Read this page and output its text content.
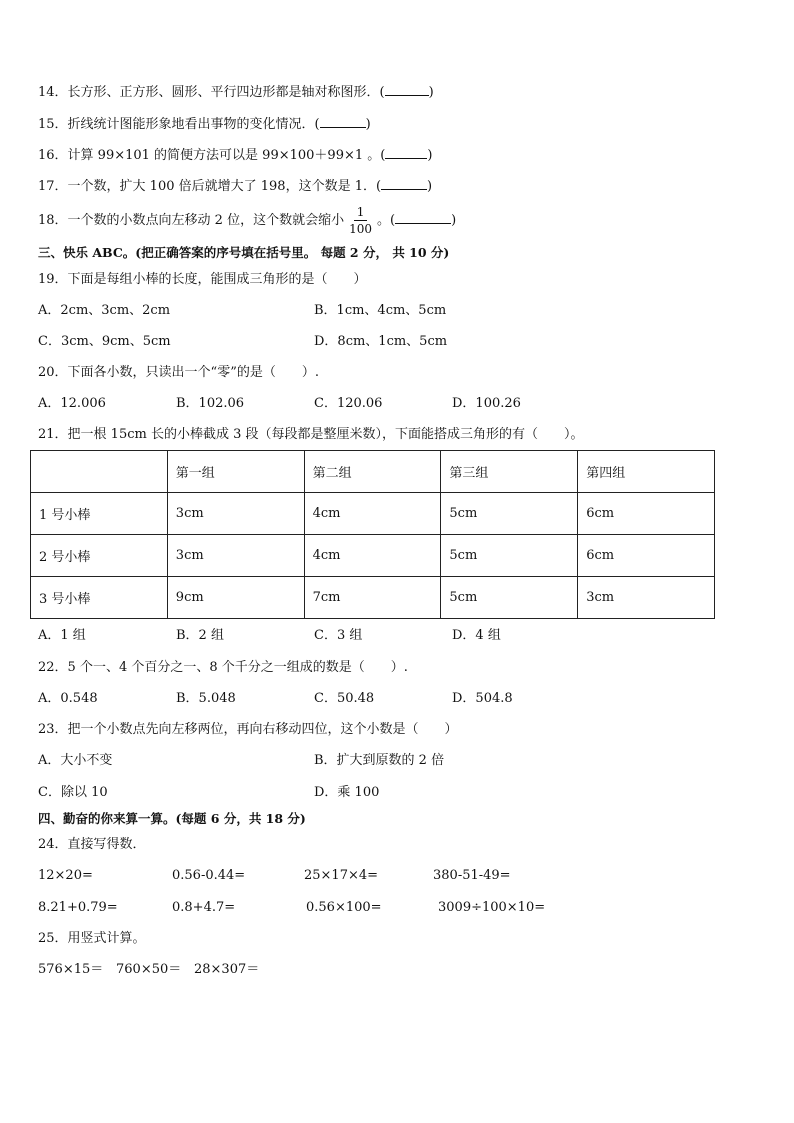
14．长方形、正方形、圆形、平行四边形都是轴对称图形．(	)
15．折线统计图能形象地看出事物的变化情况．(	)
16．计算 99×101 的简便方法可以是 99×100＋99×1 。(	)
17．一个数，扩大 100 倍后就增大了 198，这个数是 1．(	)
18．一个数的小数点向左移动 2 位，这个数就会缩小 $\frac{1}{100}$ 。(	)
三、快乐 ABC。(把正确答案的序号填在括号里。 每题 2 分， 共 10 分)
19．下面是每组小棒的长度，能围成三角形的是（　　）
A．2cm、3cm、2cm	B．1cm、4cm、5cm
C．3cm、9cm、5cm	D．8cm、1cm、5cm
20．下面各小数，只读出一个“零”的是（　　）.
A．12.006	B．102.06	C．120.06	D．100.26
21．把一根 15cm 长的小棒截成 3 段（每段都是整厘米数），下面能搭成三角形的有（　　）。
	第一组	第二组	第三组	第四组
1 号小棒	3cm	4cm	5cm	6cm
2 号小棒	3cm	4cm	5cm	6cm
3 号小棒	9cm	7cm	5cm	3cm
A．1 组	B．2 组	C．3 组	D．4 组
22．5 个一、4 个百分之一、8 个千分之一组成的数是（　　）.
A．0.548	B．5.048	C．50.48	D．504.8
23．把一个小数点先向左移两位，再向右移动四位，这个小数是（　　）
A．大小不变	B．扩大到原数的 2 倍
C．除以 10	D．乘 100
四、勤奋的你来算一算。(每题 6 分，共 18 分)
24．直接写得数．
12×20=	0.56-0.44=	25×17×4=	380-51-49=
8.21+0.79=	0.8+4.7=	0.56×100=	3009÷100×10=
25．用竖式计算。
576×15＝ 760×50＝ 28×307＝
